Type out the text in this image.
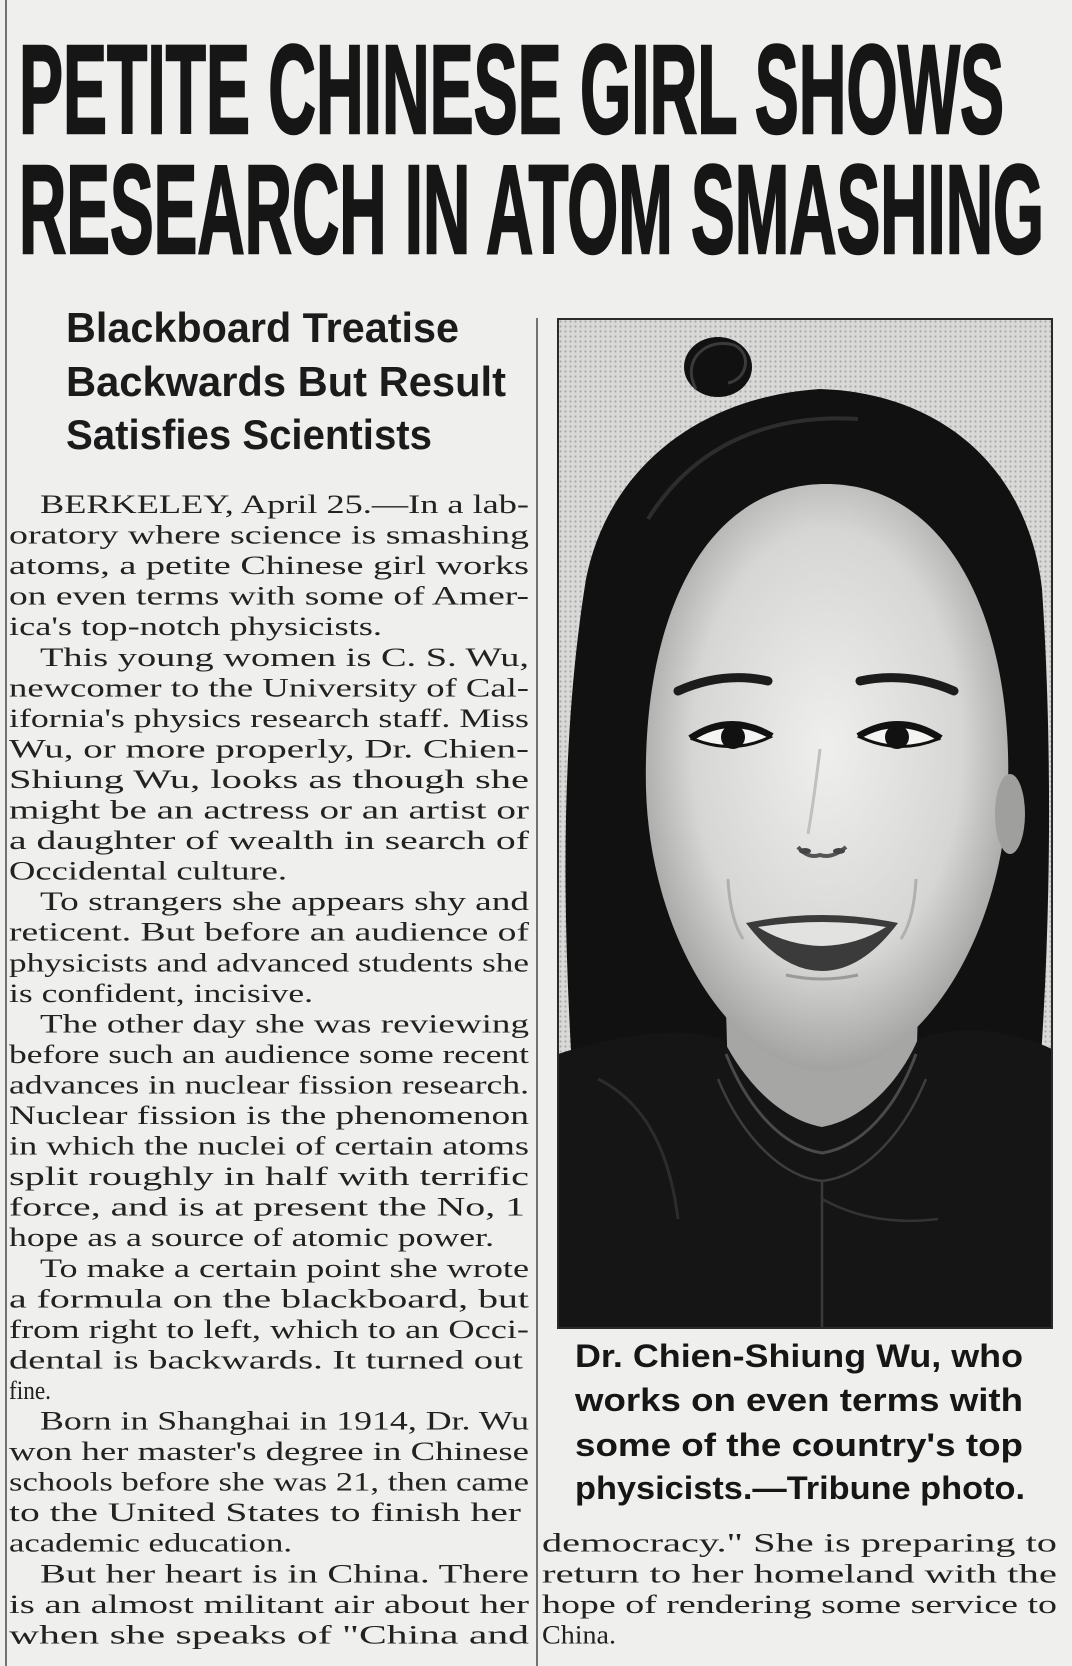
PETITE CHINESE GIRL SHOWS
RESEARCH IN ATOM SMASHING
Blackboard Treatise
Backwards But Result
Satisfies Scientists
BERKELEY, April 25.—In a lab-
oratory where science is smashing
atoms, a petite Chinese girl works
on even terms with some of Amer-
ica's top-notch physicists.
This young women is C. S. Wu,
newcomer to the University of Cal-
ifornia's physics research staff. Miss
Wu, or more properly, Dr. Chien-
Shiung Wu, looks as though she
might be an actress or an artist or
a daughter of wealth in search of
Occidental culture.
To strangers she appears shy and
reticent. But before an audience of
physicists and advanced students she
is confident, incisive.
The other day she was reviewing
before such an audience some recent
advances in nuclear fission research.
Nuclear fission is the phenomenon
in which the nuclei of certain atoms
split roughly in half with terrific
force, and is at present the No, 1
hope as a source of atomic power.
To make a certain point she wrote
a formula on the blackboard, but
from right to left, which to an Occi-
dental is backwards. It turned out
fine.
Born in Shanghai in 1914, Dr. Wu
won her master's degree in Chinese
schools before she was 21, then came
to the United States to finish her
academic education.
But her heart is in China. There
is an almost militant air about her
when she speaks of "China and
Dr. Chien-Shiung Wu, who
works on even terms with
some of the country's top
physicists.—Tribune photo.
democracy." She is preparing to
return to her homeland with the
hope of rendering some service to
China.
